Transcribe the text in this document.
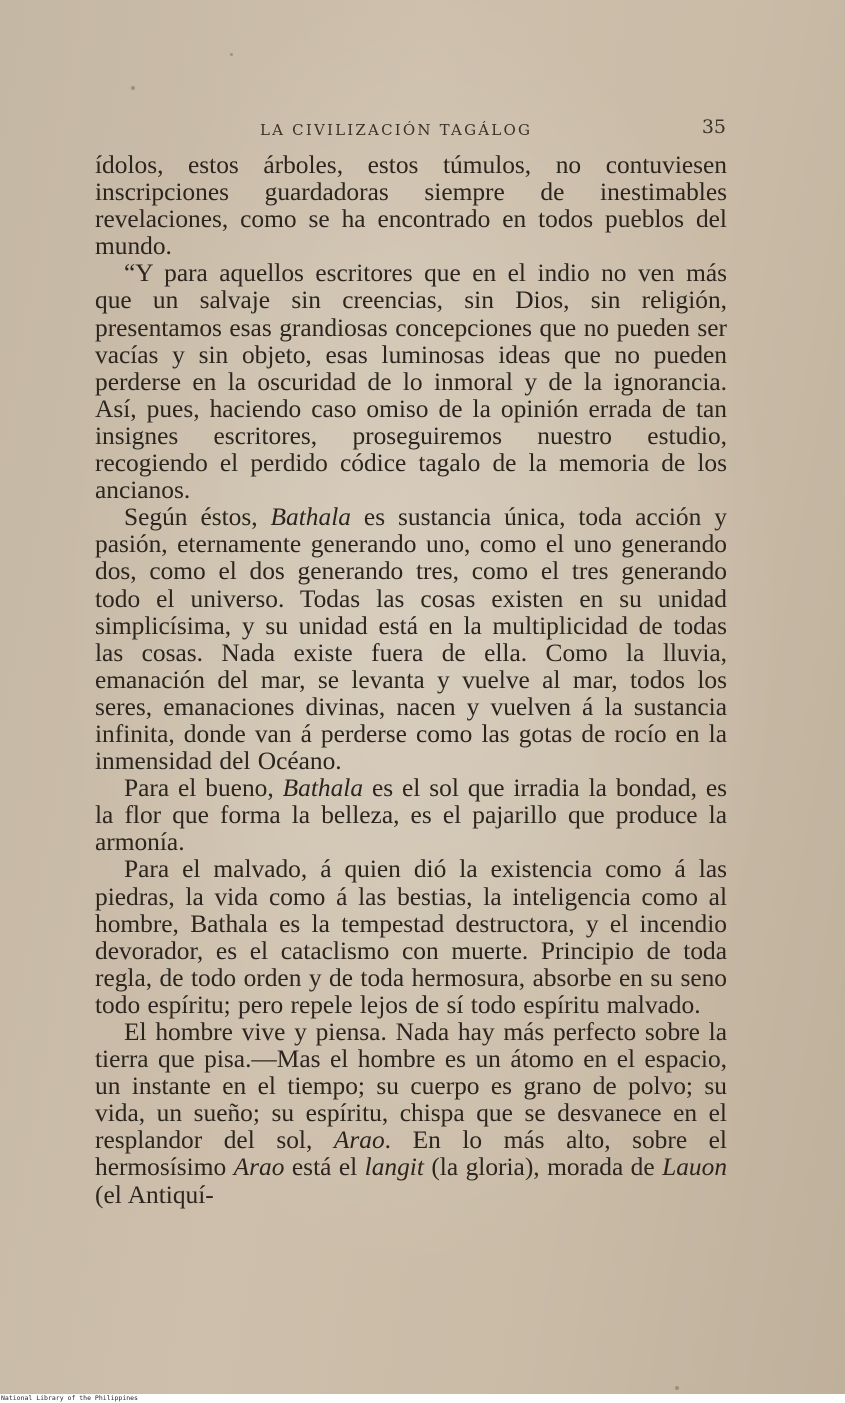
LA CIVILIZACIÓN TAGÁLOG	35

ídolos, estos árboles, estos túmulos, no contuviesen inscripciones guardadoras siempre de inestimables revelaciones, como se ha encontrado en todos pueblos del mundo.

“Y para aquellos escritores que en el indio no ven más que un salvaje sin creencias, sin Dios, sin religión, presentamos esas grandiosas concepciones que no pueden ser vacías y sin objeto, esas luminosas ideas que no pueden perderse en la oscuridad de lo inmoral y de la ignorancia. Así, pues, haciendo caso omiso de la opinión errada de tan insignes escritores, proseguiremos nuestro estudio, recogiendo el perdido códice tagalo de la memoria de los ancianos.

Según éstos, Bathala es sustancia única, toda acción y pasión, eternamente generando uno, como el uno generando dos, como el dos generando tres, como el tres generando todo el universo. Todas las cosas existen en su unidad simplicísima, y su unidad está en la multiplicidad de todas las cosas. Nada existe fuera de ella. Como la lluvia, emanación del mar, se levanta y vuelve al mar, todos los seres, emanaciones divinas, nacen y vuelven á la sustancia infinita, donde van á perderse como las gotas de rocío en la inmensidad del Océano.

Para el bueno, Bathala es el sol que irradia la bondad, es la flor que forma la belleza, es el pajarillo que produce la armonía.

Para el malvado, á quien dió la existencia como á las piedras, la vida como á las bestias, la inteligencia como al hombre, Bathala es la tempestad destructora, y el incendio devorador, es el cataclismo con muerte. Principio de toda regla, de todo orden y de toda hermosura, absorbe en su seno todo espíritu; pero repele lejos de sí todo espíritu malvado.

El hombre vive y piensa. Nada hay más perfecto sobre la tierra que pisa.—Mas el hombre es un átomo en el espacio, un instante en el tiempo; su cuerpo es grano de polvo; su vida, un sueño; su espíritu, chispa que se desvanece en el resplandor del sol, Arao. En lo más alto, sobre el hermosísimo Arao está el langit (la gloria), morada de Lauon (el Antiquí-

National Library of the Philippines
